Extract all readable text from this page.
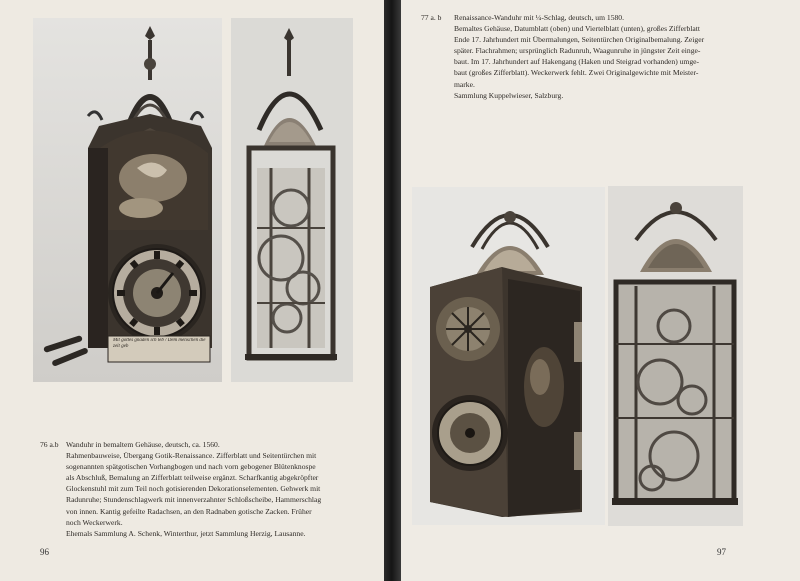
Mit gottes gnaden ich leb / Dem menschen die zeit geb
76 a.b Wanduhr in bemaltem Gehäuse, deutsch, ca. 1560.
Rahmenbauweise, Übergang Gotik-Renaissance. Zifferblatt und Seitentürchen mit
sogenannten spätgotischen Vorhangbogen und nach vorn gebogener Blütenknospe
als Abschluß, Bemalung an Zifferblatt teilweise ergänzt. Scharfkantig abgekröpfter
Glockenstuhl mit zum Teil noch gotisierenden Dekorationselementen. Gehwerk mit
Radunruhe; Stundenschlagwerk mit innenverzahnter Schloßscheibe, Hammerschlag
von innen. Kantig gefeilte Radachsen, an den Radnaben gotische Zacken. Früher
noch Weckerwerk.
Ehemals Sammlung A. Schenk, Winterthur, jetzt Sammlung Herzig, Lausanne.
96
77 a. b Renaissance-Wanduhr mit ¼-Schlag, deutsch, um 1580.
Bemaltes Gehäuse, Datumblatt (oben) und Viertelblatt (unten), großes Zifferblatt
Ende 17. Jahrhundert mit Übermalungen, Seitentürchen Originalbemalung. Zeiger
später. Flachrahmen; ursprünglich Radunruh, Waagunruhe in jüngster Zeit einge-
baut. Im 17. Jahrhundert auf Hakengang (Haken und Steigrad vorhanden) umge-
baut (großes Zifferblatt). Weckerwerk fehlt. Zwei Originalgewichte mit Meister-
marke.
Sammlung Kuppelwieser, Salzburg.
97
